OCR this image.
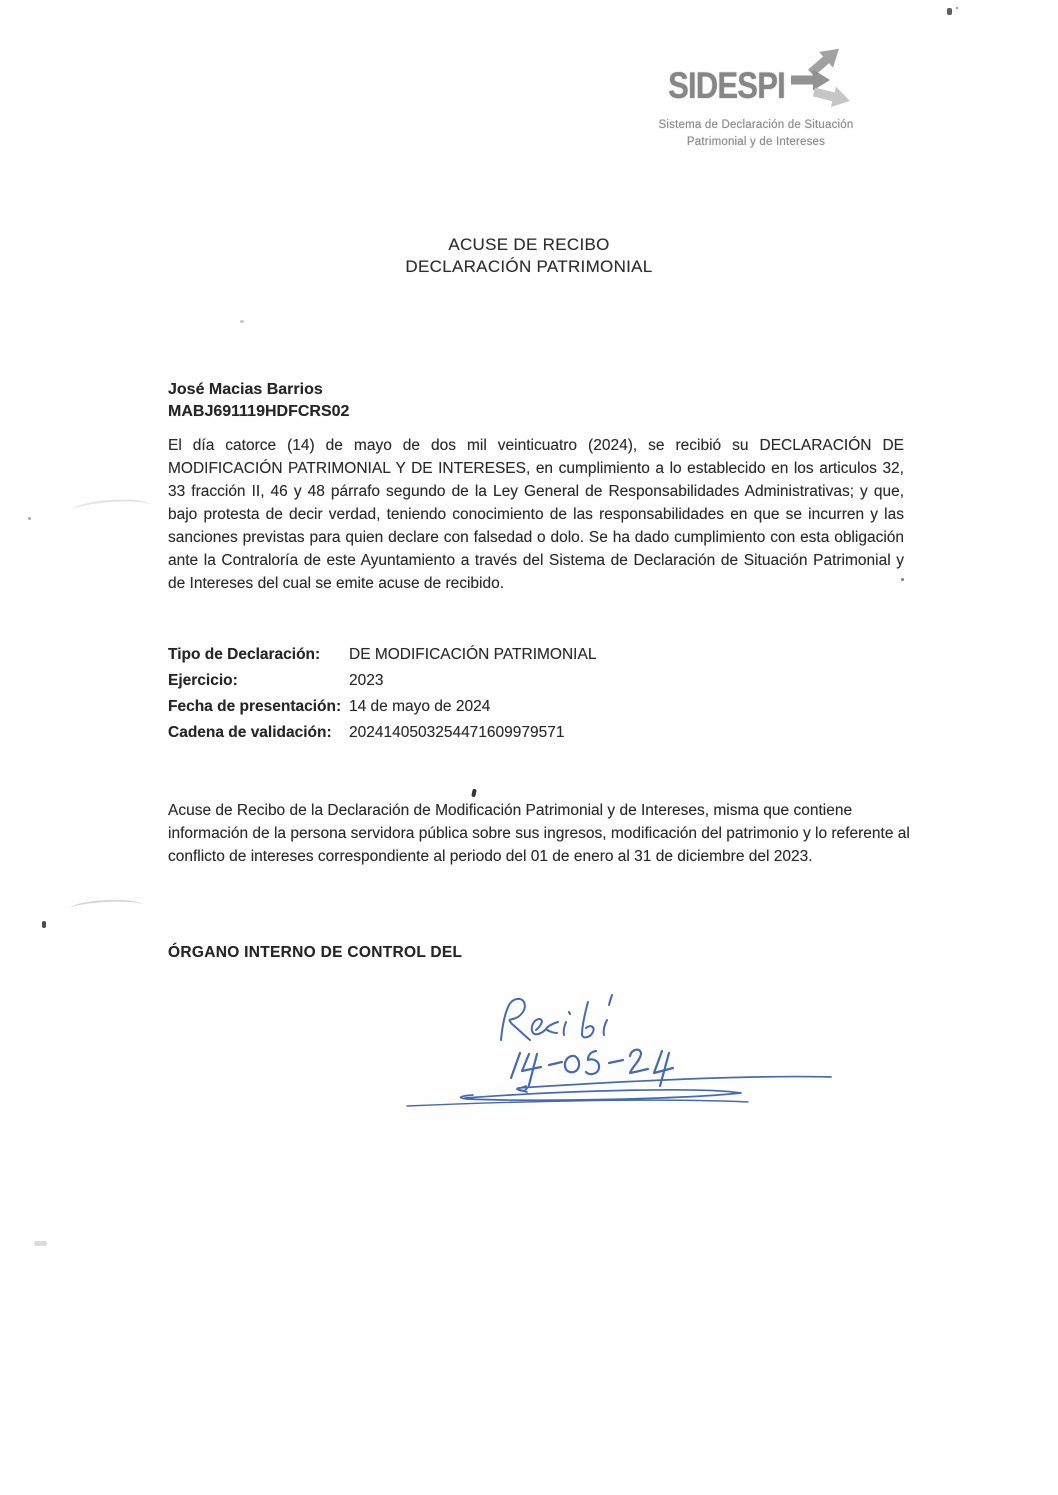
SIDESPI
Sistema de Declaración de Situación
Patrimonial y de Intereses
ACUSE DE RECIBO
DECLARACIÓN PATRIMONIAL
José Macias Barrios
MABJ691119HDFCRS02

El día catorce (14) de mayo de dos mil veinticuatro (2024), se recibió su DECLARACIÓN DE MODIFICACIÓN PATRIMONIAL Y DE INTERESES, en cumplimiento a lo establecido en los articulos 32, 33 fracción II, 46 y 48 párrafo segundo de la Ley General de Responsabilidades Administrativas; y que, bajo protesta de decir verdad, teniendo conocimiento de las responsabilidades en que se incurren y las sanciones previstas para quien declare con falsedad o dolo. Se ha dado cumplimiento con esta obligación ante la Contraloría de este Ayuntamiento a través del Sistema de Declaración de Situación Patrimonial y de Intereses del cual se emite acuse de recibido.

Tipo de Declaración:	DE MODIFICACIÓN PATRIMONIAL
Ejercicio:	2023
Fecha de presentación: 14 de mayo de 2024
Cadena de validación:	2024140503254471609979571

Acuse de Recibo de la Declaración de Modificación Patrimonial y de Intereses, misma que contiene información de la persona servidora pública sobre sus ingresos, modificación del patrimonio y lo referente al conflicto de intereses correspondiente al periodo del 01 de enero al 31 de diciembre del 2023.

ÓRGANO INTERNO DE CONTROL DEL
